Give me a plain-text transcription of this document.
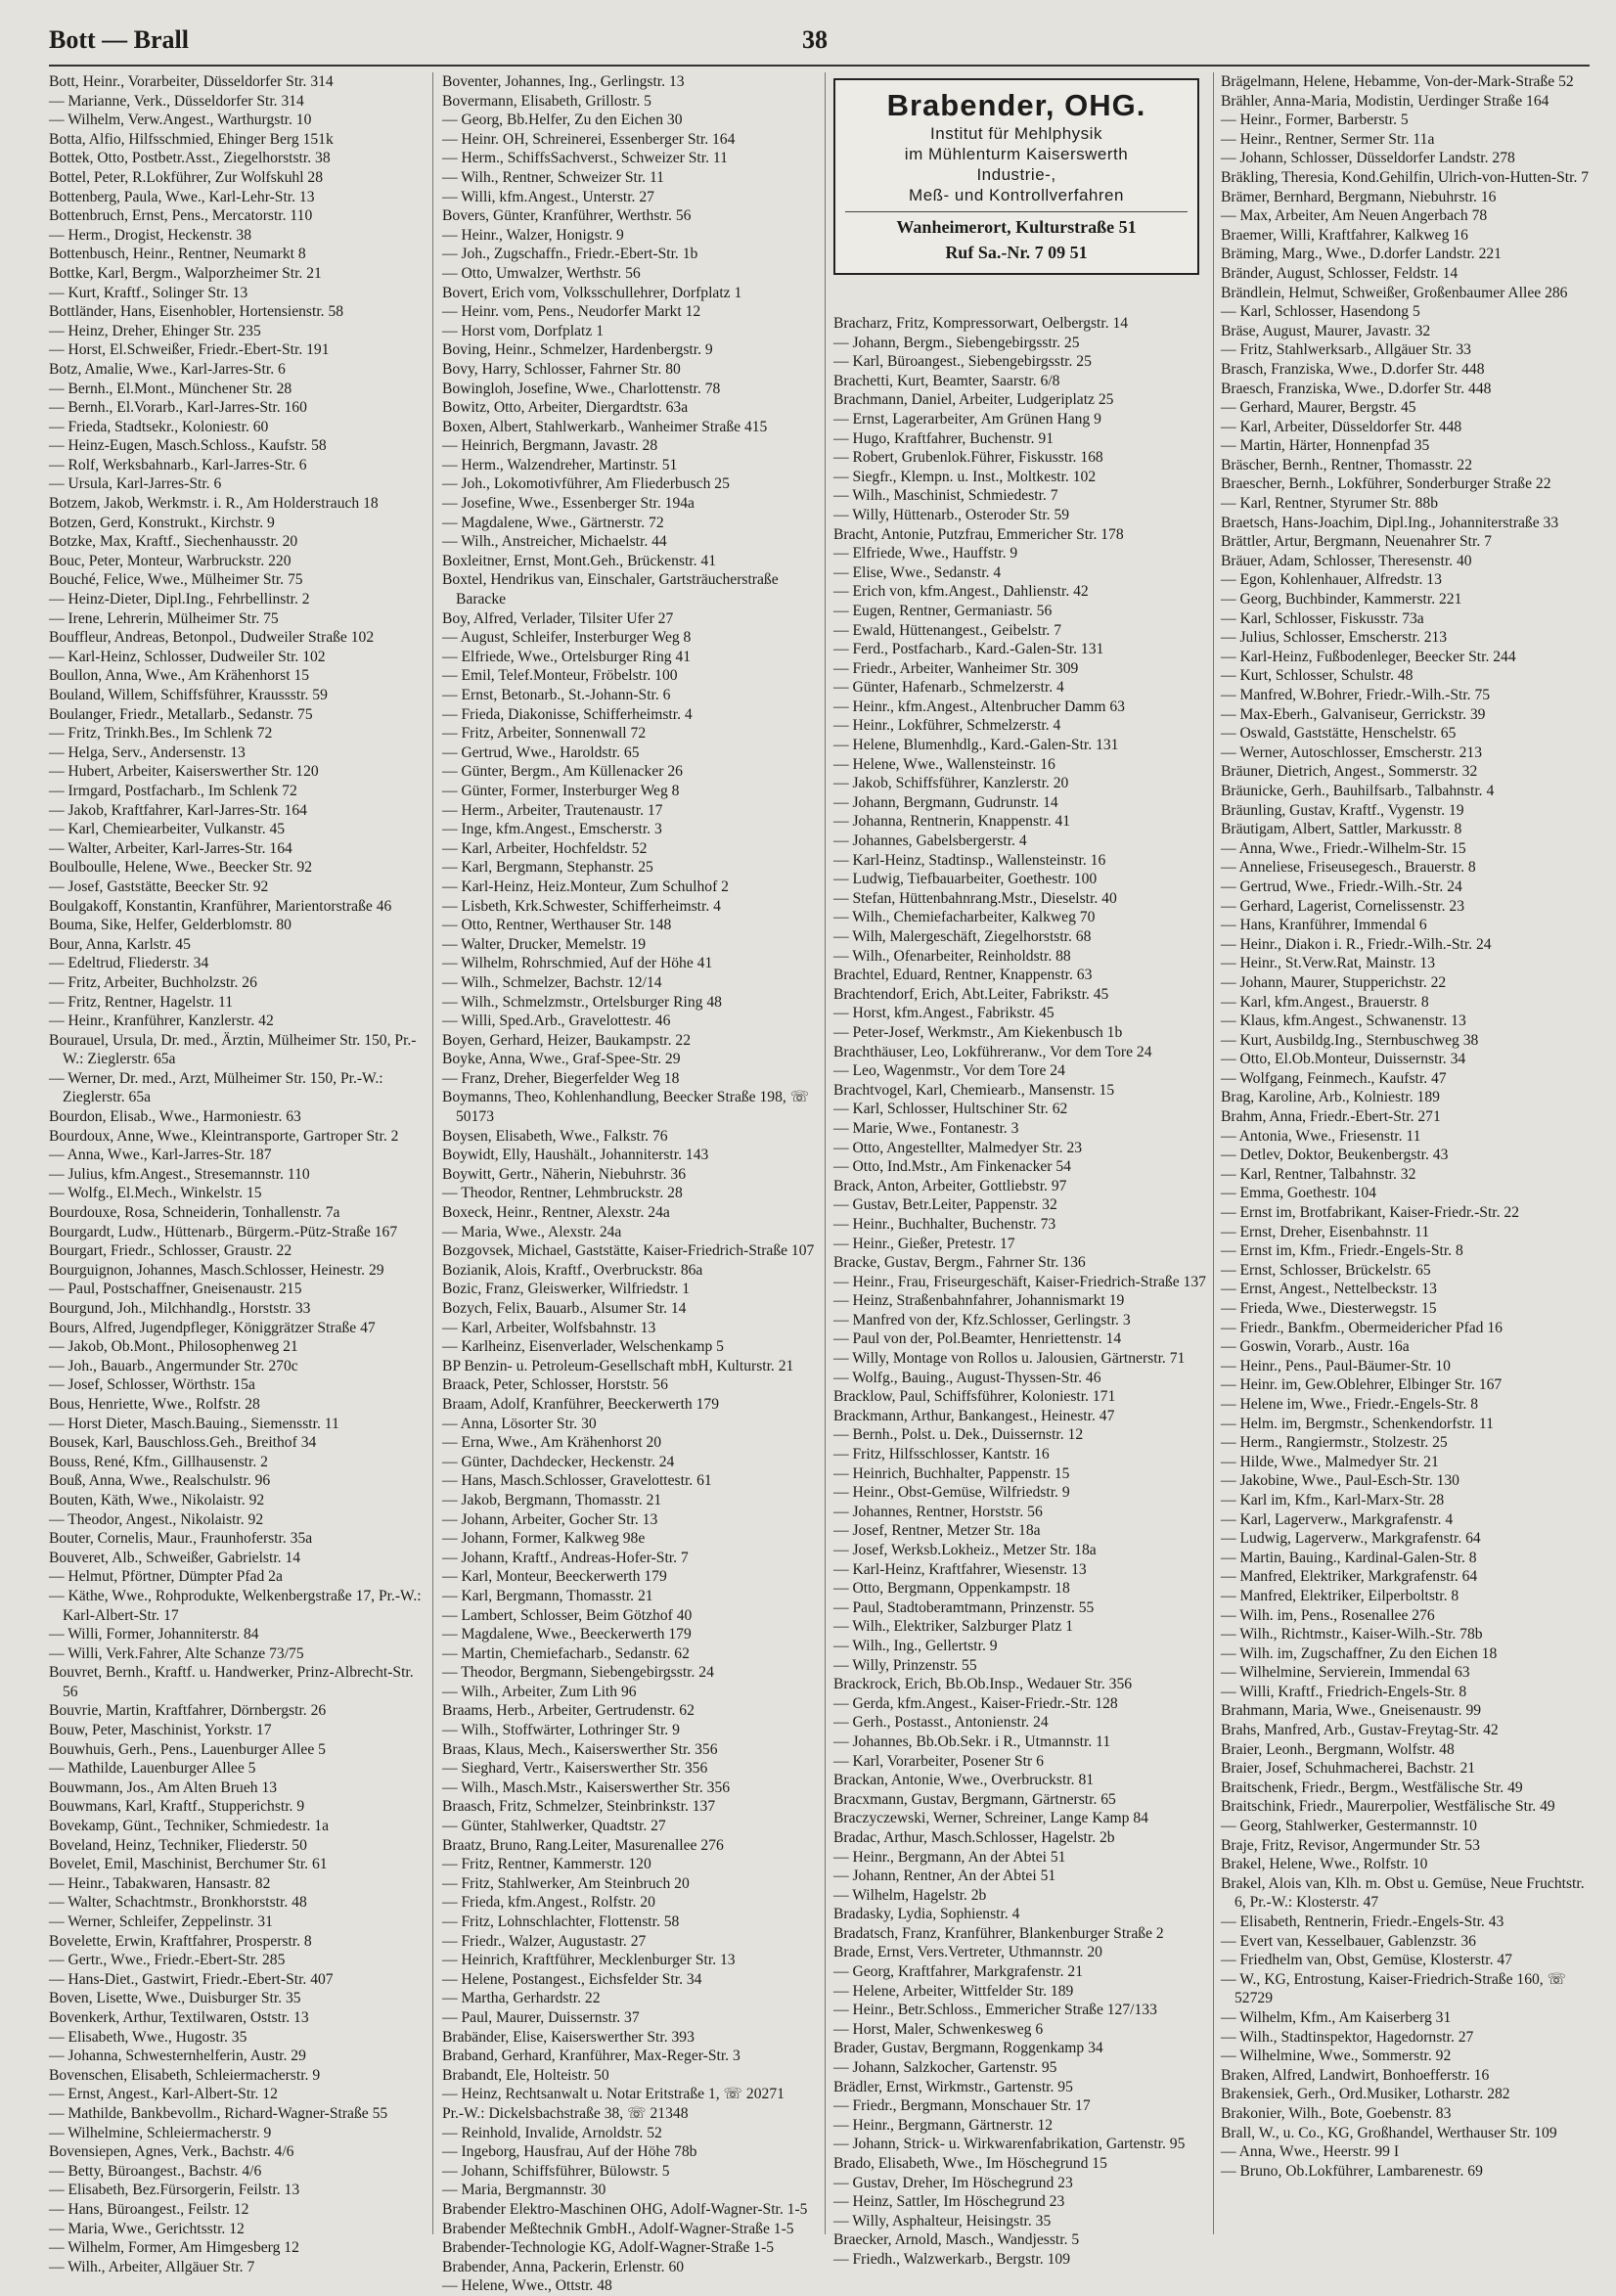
Bott — Brall	38

Bott, Heinr., Vorarbeiter, Düsseldorfer Str. 314

— Marianne, Verk., Düsseldorfer Str. 314

— Wilhelm, Verw.Angest., Warthurgstr. 10

Botta, Alfio, Hilfsschmied, Ehinger Berg 151k

Bottek, Otto, Postbetr.Asst., Ziegelhorststr. 38

Bottel, Peter, R.Lokführer, Zur Wolfskuhl 28

Bottenberg, Paula, Wwe., Karl-Lehr-Str. 13

Bottenbruch, Ernst, Pens., Mercatorstr. 110

— Herm., Drogist, Heckenstr. 38

Bottenbusch, Heinr., Rentner, Neumarkt 8

Bottke, Karl, Bergm., Walporzheimer Str. 21

— Kurt, Kraftf., Solinger Str. 13

Bottländer, Hans, Eisenhobler, Hortensienstr. 58

— Heinz, Dreher, Ehinger Str. 235

— Horst, El.Schweißer, Friedr.-Ebert-Str. 191

Botz, Amalie, Wwe., Karl-Jarres-Str. 6

— Bernh., El.Mont., Münchener Str. 28

— Bernh., El.Vorarb., Karl-Jarres-Str. 160

— Frieda, Stadtsekr., Koloniestr. 60

— Heinz-Eugen, Masch.Schloss., Kaufstr. 58

— Rolf, Werksbahnarb., Karl-Jarres-Str. 6

— Ursula, Karl-Jarres-Str. 6

Botzem, Jakob, Werkmstr. i. R., Am Holderstrauch 18

Botzen, Gerd, Konstrukt., Kirchstr. 9

Botzke, Max, Kraftf., Siechenhausstr. 20

Bouc, Peter, Monteur, Warbruckstr. 220

Bouché, Felice, Wwe., Mülheimer Str. 75

— Heinz-Dieter, Dipl.Ing., Fehrbellinstr. 2

— Irene, Lehrerin, Mülheimer Str. 75

Bouffleur, Andreas, Betonpol., Dudweiler Straße 102

— Karl-Heinz, Schlosser, Dudweiler Str. 102

Boullon, Anna, Wwe., Am Krähenhorst 15

Bouland, Willem, Schiffsführer, Kraussstr. 59

Boulanger, Friedr., Metallarb., Sedanstr. 75

— Fritz, Trinkh.Bes., Im Schlenk 72

— Helga, Serv., Andersenstr. 13

— Hubert, Arbeiter, Kaiserswerther Str. 120

— Irmgard, Postfacharb., Im Schlenk 72

— Jakob, Kraftfahrer, Karl-Jarres-Str. 164

— Karl, Chemiearbeiter, Vulkanstr. 45

— Walter, Arbeiter, Karl-Jarres-Str. 164

Boulboulle, Helene, Wwe., Beecker Str. 92

— Josef, Gaststätte, Beecker Str. 92

Boulgakoff, Konstantin, Kranführer, Marientorstraße 46

Bouma, Sike, Helfer, Gelderblomstr. 80

Bour, Anna, Karlstr. 45

— Edeltrud, Fliederstr. 34

— Fritz, Arbeiter, Buchholzstr. 26

— Fritz, Rentner, Hagelstr. 11

— Heinr., Kranführer, Kanzlerstr. 42

Bourauel, Ursula, Dr. med., Ärztin, Mülheimer Str. 150, Pr.-W.: Zieglerstr. 65a

— Werner, Dr. med., Arzt, Mülheimer Str. 150, Pr.-W.: Zieglerstr. 65a

Bourdon, Elisab., Wwe., Harmoniestr. 63

Bourdoux, Anne, Wwe., Kleintransporte, Gartroper Str. 2

— Anna, Wwe., Karl-Jarres-Str. 187

— Julius, kfm.Angest., Stresemannstr. 110

— Wolfg., El.Mech., Winkelstr. 15

Bourdouxe, Rosa, Schneiderin, Tonhallenstr. 7a

Bourgardt, Ludw., Hüttenarb., Bürgerm.-Pütz-Straße 167

Bourgart, Friedr., Schlosser, Graustr. 22

Bourguignon, Johannes, Masch.Schlosser, Heinestr. 29

— Paul, Postschaffner, Gneisenaustr. 215

Bourgund, Joh., Milchhandlg., Horststr. 33

Bours, Alfred, Jugendpfleger, Königgrätzer Straße 47

— Jakob, Ob.Mont., Philosophenweg 21

— Joh., Bauarb., Angermunder Str. 270c

— Josef, Schlosser, Wörthstr. 15a

Bous, Henriette, Wwe., Rolfstr. 28

— Horst Dieter, Masch.Bauing., Siemensstr. 11

Bousek, Karl, Bauschloss.Geh., Breithof 34

Bouss, René, Kfm., Gillhausenstr. 2

Bouß, Anna, Wwe., Realschulstr. 96

Bouten, Käth, Wwe., Nikolaistr. 92

— Theodor, Angest., Nikolaistr. 92

Bouter, Cornelis, Maur., Fraunhoferstr. 35a

Bouveret, Alb., Schweißer, Gabrielstr. 14

— Helmut, Pförtner, Dümpter Pfad 2a

— Käthe, Wwe., Rohprodukte, Welkenbergstraße 17, Pr.-W.: Karl-Albert-Str. 17

— Willi, Former, Johanniterstr. 84

— Willi, Verk.Fahrer, Alte Schanze 73/75

Bouvret, Bernh., Kraftf. u. Handwerker, Prinz-Albrecht-Str. 56

Bouvrie, Martin, Kraftfahrer, Dörnbergstr. 26

Bouw, Peter, Maschinist, Yorkstr. 17

Bouwhuis, Gerh., Pens., Lauenburger Allee 5

— Mathilde, Lauenburger Allee 5

Bouwmann, Jos., Am Alten Brueh 13

Bouwmans, Karl, Kraftf., Stupperichstr. 9

Bovekamp, Günt., Techniker, Schmiedestr. 1a

Boveland, Heinz, Techniker, Fliederstr. 50

Bovelet, Emil, Maschinist, Berchumer Str. 61

— Heinr., Tabakwaren, Hansastr. 82

— Walter, Schachtmstr., Bronkhorststr. 48

— Werner, Schleifer, Zeppelinstr. 31

Bovelette, Erwin, Kraftfahrer, Prosperstr. 8

— Gertr., Wwe., Friedr.-Ebert-Str. 285

— Hans-Diet., Gastwirt, Friedr.-Ebert-Str. 407

Boven, Lisette, Wwe., Duisburger Str. 35

Bovenkerk, Arthur, Textilwaren, Oststr. 13

— Elisabeth, Wwe., Hugostr. 35

— Johanna, Schwesternhelferin, Austr. 29

Bovenschen, Elisabeth, Schleiermacherstr. 9

— Ernst, Angest., Karl-Albert-Str. 12

— Mathilde, Bankbevollm., Richard-Wagner-Straße 55

— Wilhelmine, Schleiermacherstr. 9

Bovensiepen, Agnes, Verk., Bachstr. 4/6

— Betty, Büroangest., Bachstr. 4/6

— Elisabeth, Bez.Fürsorgerin, Feilstr. 13

— Hans, Büroangest., Feilstr. 12

— Maria, Wwe., Gerichtsstr. 12

— Wilhelm, Former, Am Himgesberg 12

— Wilh., Arbeiter, Allgäuer Str. 7

Boventer, Johannes, Ing., Gerlingstr. 13

Bovermann, Elisabeth, Grillostr. 5

— Georg, Bb.Helfer, Zu den Eichen 30

— Heinr. OH, Schreinerei, Essenberger Str. 164

— Herm., SchiffsSachverst., Schweizer Str. 11

— Wilh., Rentner, Schweizer Str. 11

— Willi, kfm.Angest., Unterstr. 27

Bovers, Günter, Kranführer, Werthstr. 56

— Heinr., Walzer, Honigstr. 9

— Joh., Zugschaffn., Friedr.-Ebert-Str. 1b

— Otto, Umwalzer, Werthstr. 56

Bovert, Erich vom, Volksschullehrer, Dorfplatz 1

— Heinr. vom, Pens., Neudorfer Markt 12

— Horst vom, Dorfplatz 1

Boving, Heinr., Schmelzer, Hardenbergstr. 9

Bovy, Harry, Schlosser, Fahrner Str. 80

Bowingloh, Josefine, Wwe., Charlottenstr. 78

Bowitz, Otto, Arbeiter, Diergardtstr. 63a

Boxen, Albert, Stahlwerkarb., Wanheimer Straße 415

— Heinrich, Bergmann, Javastr. 28

— Herm., Walzendreher, Martinstr. 51

— Joh., Lokomotivführer, Am Fliederbusch 25

— Josefine, Wwe., Essenberger Str. 194a

— Magdalene, Wwe., Gärtnerstr. 72

— Wilh., Anstreicher, Michaelstr. 44

Boxleitner, Ernst, Mont.Geh., Brückenstr. 41

Boxtel, Hendrikus van, Einschaler, Gartsträucherstraße Baracke

Boy, Alfred, Verlader, Tilsiter Ufer 27

— August, Schleifer, Insterburger Weg 8

— Elfriede, Wwe., Ortelsburger Ring 41

— Emil, Telef.Monteur, Fröbelstr. 100

— Ernst, Betonarb., St.-Johann-Str. 6

— Frieda, Diakonisse, Schifferheimstr. 4

— Fritz, Arbeiter, Sonnenwall 72

— Gertrud, Wwe., Haroldstr. 65

— Günter, Bergm., Am Küllenacker 26

— Günter, Former, Insterburger Weg 8

— Herm., Arbeiter, Trautenaustr. 17

— Inge, kfm.Angest., Emscherstr. 3

— Karl, Arbeiter, Hochfeldstr. 52

— Karl, Bergmann, Stephanstr. 25

— Karl-Heinz, Heiz.Monteur, Zum Schulhof 2

— Lisbeth, Krk.Schwester, Schifferheimstr. 4

— Otto, Rentner, Werthauser Str. 148

— Walter, Drucker, Memelstr. 19

— Wilhelm, Rohrschmied, Auf der Höhe 41

— Wilh., Schmelzer, Bachstr. 12/14

— Wilh., Schmelzmstr., Ortelsburger Ring 48

— Willi, Sped.Arb., Gravelottestr. 46

Boyen, Gerhard, Heizer, Baukampstr. 22

Boyke, Anna, Wwe., Graf-Spee-Str. 29

— Franz, Dreher, Biegerfelder Weg 18

Boymanns, Theo, Kohlenhandlung, Beecker Straße 198, ☏ 50173

Boysen, Elisabeth, Wwe., Falkstr. 76

Boywidt, Elly, Haushält., Johanniterstr. 143

Boywitt, Gertr., Näherin, Niebuhrstr. 36

— Theodor, Rentner, Lehmbruckstr. 28

Boxeck, Heinr., Rentner, Alexstr. 24a

— Maria, Wwe., Alexstr. 24a

Bozgovsek, Michael, Gaststätte, Kaiser-Friedrich-Straße 107

Bozianik, Alois, Kraftf., Overbruckstr. 86a

Bozic, Franz, Gleiswerker, Wilfriedstr. 1

Bozych, Felix, Bauarb., Alsumer Str. 14

— Karl, Arbeiter, Wolfsbahnstr. 13

— Karlheinz, Eisenverlader, Welschenkamp 5

BP Benzin- u. Petroleum-Gesellschaft mbH, Kulturstr. 21

Braack, Peter, Schlosser, Horststr. 56

Braam, Adolf, Kranführer, Beeckerwerth 179

— Anna, Lösorter Str. 30

— Erna, Wwe., Am Krähenhorst 20

— Günter, Dachdecker, Heckenstr. 24

— Hans, Masch.Schlosser, Gravelottestr. 61

— Jakob, Bergmann, Thomasstr. 21

— Johann, Arbeiter, Gocher Str. 13

— Johann, Former, Kalkweg 98e

— Johann, Kraftf., Andreas-Hofer-Str. 7

— Karl, Monteur, Beeckerwerth 179

— Karl, Bergmann, Thomasstr. 21

— Lambert, Schlosser, Beim Götzhof 40

— Magdalene, Wwe., Beeckerwerth 179

— Martin, Chemiefacharb., Sedanstr. 62

— Theodor, Bergmann, Siebengebirgsstr. 24

— Wilh., Arbeiter, Zum Lith 96

Braams, Herb., Arbeiter, Gertrudenstr. 62

— Wilh., Stoffwärter, Lothringer Str. 9

Braas, Klaus, Mech., Kaiserswerther Str. 356

— Sieghard, Vertr., Kaiserswerther Str. 356

— Wilh., Masch.Mstr., Kaiserswerther Str. 356

Braasch, Fritz, Schmelzer, Steinbrinkstr. 137

— Günter, Stahlwerker, Quadtstr. 27

Braatz, Bruno, Rang.Leiter, Masurenallee 276

— Fritz, Rentner, Kammerstr. 120

— Fritz, Stahlwerker, Am Steinbruch 20

— Frieda, kfm.Angest., Rolfstr. 20

— Fritz, Lohnschlachter, Flottenstr. 58

— Friedr., Walzer, Augustastr. 27

— Heinrich, Kraftführer, Mecklenburger Str. 13

— Helene, Postangest., Eichsfelder Str. 34

— Martha, Gerhardstr. 22

— Paul, Maurer, Duissernstr. 37

Brabänder, Elise, Kaiserswerther Str. 393

Braband, Gerhard, Kranführer, Max-Reger-Str. 3

Brabandt, Ele, Holteistr. 50

— Heinz, Rechtsanwalt u. Notar Eritstraße 1, ☏ 20271

Pr.-W.: Dickelsbachstraße 38, ☏ 21348

— Reinhold, Invalide, Arnoldstr. 52

— Ingeborg, Hausfrau, Auf der Höhe 78b

— Johann, Schiffsführer, Bülowstr. 5

— Maria, Bergmannstr. 30

Brabender Elektro-Maschinen OHG, Adolf-Wagner-Str. 1-5

Brabender Meßtechnik GmbH., Adolf-Wagner-Straße 1-5

Brabender-Technologie KG, Adolf-Wagner-Straße 1-5

Brabender, Anna, Packerin, Erlenstr. 60

— Helene, Wwe., Ottstr. 48

Brabender, OHG.
Institut für Mehlphysik
im Mühlenturm Kaiserswerth
Industrie-,
Meß- und Kontrollverfahren
Wanheimerort, Kulturstraße 51
Ruf Sa.-Nr. 7 09 51

Bracharz, Fritz, Kompressorwart, Oelbergstr. 14

— Johann, Bergm., Siebengebirgsstr. 25

— Karl, Büroangest., Siebengebirgsstr. 25

Brachetti, Kurt, Beamter, Saarstr. 6/8

Brachmann, Daniel, Arbeiter, Ludgeriplatz 25

— Ernst, Lagerarbeiter, Am Grünen Hang 9

— Hugo, Kraftfahrer, Buchenstr. 91

— Robert, Grubenlok.Führer, Fiskusstr. 168

— Siegfr., Klempn. u. Inst., Moltkestr. 102

— Wilh., Maschinist, Schmiedestr. 7

— Willy, Hüttenarb., Osteroder Str. 59

Bracht, Antonie, Putzfrau, Emmericher Str. 178

— Elfriede, Wwe., Hauffstr. 9

— Elise, Wwe., Sedanstr. 4

— Erich von, kfm.Angest., Dahlienstr. 42

— Eugen, Rentner, Germaniastr. 56

— Ewald, Hüttenangest., Geibelstr. 7

— Ferd., Postfacharb., Kard.-Galen-Str. 131

— Friedr., Arbeiter, Wanheimer Str. 309

— Günter, Hafenarb., Schmelzerstr. 4

— Heinr., kfm.Angest., Altenbrucher Damm 63

— Heinr., Lokführer, Schmelzerstr. 4

— Helene, Blumenhdlg., Kard.-Galen-Str. 131

— Helene, Wwe., Wallensteinstr. 16

— Jakob, Schiffsführer, Kanzlerstr. 20

— Johann, Bergmann, Gudrunstr. 14

— Johanna, Rentnerin, Knappenstr. 41

— Johannes, Gabelsbergerstr. 4

— Karl-Heinz, Stadtinsp., Wallensteinstr. 16

— Ludwig, Tiefbauarbeiter, Goethestr. 100

— Stefan, Hüttenbahnrang.Mstr., Dieselstr. 40

— Wilh., Chemiefacharbeiter, Kalkweg 70

— Wilh, Malergeschäft, Ziegelhorststr. 68

— Wilh., Ofenarbeiter, Reinholdstr. 88

Brachtel, Eduard, Rentner, Knappenstr. 63

Brachtendorf, Erich, Abt.Leiter, Fabrikstr. 45

— Horst, kfm.Angest., Fabrikstr. 45

— Peter-Josef, Werkmstr., Am Kiekenbusch 1b

Brachthäuser, Leo, Lokführeranw., Vor dem Tore 24

— Leo, Wagenmstr., Vor dem Tore 24

Brachtvogel, Karl, Chemiearb., Mansenstr. 15

— Karl, Schlosser, Hultschiner Str. 62

— Marie, Wwe., Fontanestr. 3

— Otto, Angestellter, Malmedyer Str. 23

— Otto, Ind.Mstr., Am Finkenacker 54

Brack, Anton, Arbeiter, Gottliebstr. 97

— Gustav, Betr.Leiter, Pappenstr. 32

— Heinr., Buchhalter, Buchenstr. 73

— Heinr., Gießer, Pretestr. 17

Bracke, Gustav, Bergm., Fahrner Str. 136

— Heinr., Frau, Friseurgeschäft, Kaiser-Friedrich-Straße 137

— Heinz, Straßenbahnfahrer, Johannismarkt 19

— Manfred von der, Kfz.Schlosser, Gerlingstr. 3

— Paul von der, Pol.Beamter, Henriettenstr. 14

— Willy, Montage von Rollos u. Jalousien, Gärtnerstr. 71

— Wolfg., Bauing., August-Thyssen-Str. 46

Bracklow, Paul, Schiffsführer, Koloniestr. 171

Brackmann, Arthur, Bankangest., Heinestr. 47

— Bernh., Polst. u. Dek., Duissernstr. 12

— Fritz, Hilfsschlosser, Kantstr. 16

— Heinrich, Buchhalter, Pappenstr. 15

— Heinr., Obst-Gemüse, Wilfriedstr. 9

— Johannes, Rentner, Horststr. 56

— Josef, Rentner, Metzer Str. 18a

— Josef, Werksb.Lokheiz., Metzer Str. 18a

— Karl-Heinz, Kraftfahrer, Wiesenstr. 13

— Otto, Bergmann, Oppenkampstr. 18

— Paul, Stadtoberamtmann, Prinzenstr. 55

— Wilh., Elektriker, Salzburger Platz 1

— Wilh., Ing., Gellertstr. 9

— Willy, Prinzenstr. 55

Brackrock, Erich, Bb.Ob.Insp., Wedauer Str. 356

— Gerda, kfm.Angest., Kaiser-Friedr.-Str. 128

— Gerh., Postasst., Antonienstr. 24

— Johannes, Bb.Ob.Sekr. i R., Utmannstr. 11

— Karl, Vorarbeiter, Posener Str 6

Brackan, Antonie, Wwe., Overbruckstr. 81

Bracxmann, Gustav, Bergmann, Gärtnerstr. 65

Braczyczewski, Werner, Schreiner, Lange Kamp 84

Bradac, Arthur, Masch.Schlosser, Hagelstr. 2b

— Heinr., Bergmann, An der Abtei 51

— Johann, Rentner, An der Abtei 51

— Wilhelm, Hagelstr. 2b

Bradasky, Lydia, Sophienstr. 4

Bradatsch, Franz, Kranführer, Blankenburger Straße 2

Brade, Ernst, Vers.Vertreter, Uthmannstr. 20

— Georg, Kraftfahrer, Markgrafenstr. 21

— Helene, Arbeiter, Wittfelder Str. 189

— Heinr., Betr.Schloss., Emmericher Straße 127/133

— Horst, Maler, Schwenkesweg 6

Brader, Gustav, Bergmann, Roggenkamp 34

— Johann, Salzkocher, Gartenstr. 95

Brädler, Ernst, Wirkmstr., Gartenstr. 95

— Friedr., Bergmann, Monschauer Str. 17

— Heinr., Bergmann, Gärtnerstr. 12

— Johann, Strick- u. Wirkwarenfabrikation, Gartenstr. 95

Brado, Elisabeth, Wwe., Im Höschegrund 15

— Gustav, Dreher, Im Höschegrund 23

— Heinz, Sattler, Im Höschegrund 23

— Willy, Asphalteur, Heisingstr. 35

Braecker, Arnold, Masch., Wandjesstr. 5

— Friedh., Walzwerkarb., Bergstr. 109

Brägelmann, Helene, Hebamme, Von-der-Mark-Straße 52

Brähler, Anna-Maria, Modistin, Uerdinger Straße 164

— Heinr., Former, Barberstr. 5

— Heinr., Rentner, Sermer Str. 11a

— Johann, Schlosser, Düsseldorfer Landstr. 278

Bräkling, Theresia, Kond.Gehilfin, Ulrich-von-Hutten-Str. 7

Brämer, Bernhard, Bergmann, Niebuhrstr. 16

— Max, Arbeiter, Am Neuen Angerbach 78

Braemer, Willi, Kraftfahrer, Kalkweg 16

Bräming, Marg., Wwe., D.dorfer Landstr. 221

Bränder, August, Schlosser, Feldstr. 14

Brändlein, Helmut, Schweißer, Großenbaumer Allee 286

— Karl, Schlosser, Hasendong 5

Bräse, August, Maurer, Javastr. 32

— Fritz, Stahlwerksarb., Allgäuer Str. 33

Brasch, Franziska, Wwe., D.dorfer Str. 448

Braesch, Franziska, Wwe., D.dorfer Str. 448

— Gerhard, Maurer, Bergstr. 45

— Karl, Arbeiter, Düsseldorfer Str. 448

— Martin, Härter, Honnenpfad 35

Bräscher, Bernh., Rentner, Thomasstr. 22

Braescher, Bernh., Lokführer, Sonderburger Straße 22

— Karl, Rentner, Styrumer Str. 88b

Braetsch, Hans-Joachim, Dipl.Ing., Johanniterstraße 33

Brättler, Artur, Bergmann, Neuenahrer Str. 7

Bräuer, Adam, Schlosser, Theresenstr. 40

— Egon, Kohlenhauer, Alfredstr. 13

— Georg, Buchbinder, Kammerstr. 221

— Karl, Schlosser, Fiskusstr. 73a

— Julius, Schlosser, Emscherstr. 213

— Karl-Heinz, Fußbodenleger, Beecker Str. 244

— Kurt, Schlosser, Schulstr. 48

— Manfred, W.Bohrer, Friedr.-Wilh.-Str. 75

— Max-Eberh., Galvaniseur, Gerrickstr. 39

— Oswald, Gaststätte, Henschelstr. 65

— Werner, Autoschlosser, Emscherstr. 213

Bräuner, Dietrich, Angest., Sommerstr. 32

Bräunicke, Gerh., Bauhilfsarb., Talbahnstr. 4

Bräunling, Gustav, Kraftf., Vygenstr. 19

Bräutigam, Albert, Sattler, Markusstr. 8

— Anna, Wwe., Friedr.-Wilhelm-Str. 15

— Anneliese, Friseusegesch., Brauerstr. 8

— Gertrud, Wwe., Friedr.-Wilh.-Str. 24

— Gerhard, Lagerist, Cornelissenstr. 23

— Hans, Kranführer, Immendal 6

— Heinr., Diakon i. R., Friedr.-Wilh.-Str. 24

— Heinr., St.Verw.Rat, Mainstr. 13

— Johann, Maurer, Stupperichstr. 22

— Karl, kfm.Angest., Brauerstr. 8

— Klaus, kfm.Angest., Schwanenstr. 13

— Kurt, Ausbildg.Ing., Sternbuschweg 38

— Otto, El.Ob.Monteur, Duissernstr. 34

— Wolfgang, Feinmech., Kaufstr. 47

Brag, Karoline, Arb., Kolniestr. 189

Brahm, Anna, Friedr.-Ebert-Str. 271

— Antonia, Wwe., Friesenstr. 11

— Detlev, Doktor, Beukenbergstr. 43

— Karl, Rentner, Talbahnstr. 32

— Emma, Goethestr. 104

— Ernst im, Brotfabrikant, Kaiser-Friedr.-Str. 22

— Ernst, Dreher, Eisenbahnstr. 11

— Ernst im, Kfm., Friedr.-Engels-Str. 8

— Ernst, Schlosser, Brückelstr. 65

— Ernst, Angest., Nettelbeckstr. 13

— Frieda, Wwe., Diesterwegstr. 15

— Friedr., Bankfm., Obermeidericher Pfad 16

— Goswin, Vorarb., Austr. 16a

— Heinr., Pens., Paul-Bäumer-Str. 10

— Heinr. im, Gew.Oblehrer, Elbinger Str. 167

— Helene im, Wwe., Friedr.-Engels-Str. 8

— Helm. im, Bergmstr., Schenkendorfstr. 11

— Herm., Rangiermstr., Stolzestr. 25

— Hilde, Wwe., Malmedyer Str. 21

— Jakobine, Wwe., Paul-Esch-Str. 130

— Karl im, Kfm., Karl-Marx-Str. 28

— Karl, Lagerverw., Markgrafenstr. 4

— Ludwig, Lagerverw., Markgrafenstr. 64

— Martin, Bauing., Kardinal-Galen-Str. 8

— Manfred, Elektriker, Markgrafenstr. 64

— Manfred, Elektriker, Eilperboltstr. 8

— Wilh. im, Pens., Rosenallee 276

— Wilh., Richtmstr., Kaiser-Wilh.-Str. 78b

— Wilh. im, Zugschaffner, Zu den Eichen 18

— Wilhelmine, Servierein, Immendal 63

— Willi, Kraftf., Friedrich-Engels-Str. 8

Brahmann, Maria, Wwe., Gneisenaustr. 99

Brahs, Manfred, Arb., Gustav-Freytag-Str. 42

Braier, Leonh., Bergmann, Wolfstr. 48

Braier, Josef, Schuhmacherei, Bachstr. 21

Braitschenk, Friedr., Bergm., Westfälische Str. 49

Braitschink, Friedr., Maurerpolier, Westfälische Str. 49

— Georg, Stahlwerker, Gestermannstr. 10

Braje, Fritz, Revisor, Angermunder Str. 53

Brakel, Helene, Wwe., Rolfstr. 10

Brakel, Alois van, Klh. m. Obst u. Gemüse, Neue Fruchtstr. 6, Pr.-W.: Klosterstr. 47

— Elisabeth, Rentnerin, Friedr.-Engels-Str. 43

— Evert van, Kesselbauer, Gablenzstr. 36

— Friedhelm van, Obst, Gemüse, Klosterstr. 47

— W., KG, Entrostung, Kaiser-Friedrich-Straße 160, ☏ 52729

— Wilhelm, Kfm., Am Kaiserberg 31

— Wilh., Stadtinspektor, Hagedornstr. 27

— Wilhelmine, Wwe., Sommerstr. 92

Braken, Alfred, Landwirt, Bonhoefferstr. 16

Brakensiek, Gerh., Ord.Musiker, Lotharstr. 282

Brakonier, Wilh., Bote, Goebenstr. 83

Brall, W., u. Co., KG, Großhandel, Werthauser Str. 109

— Anna, Wwe., Heerstr. 99 I

— Bruno, Ob.Lokführer, Lambarenestr. 69
